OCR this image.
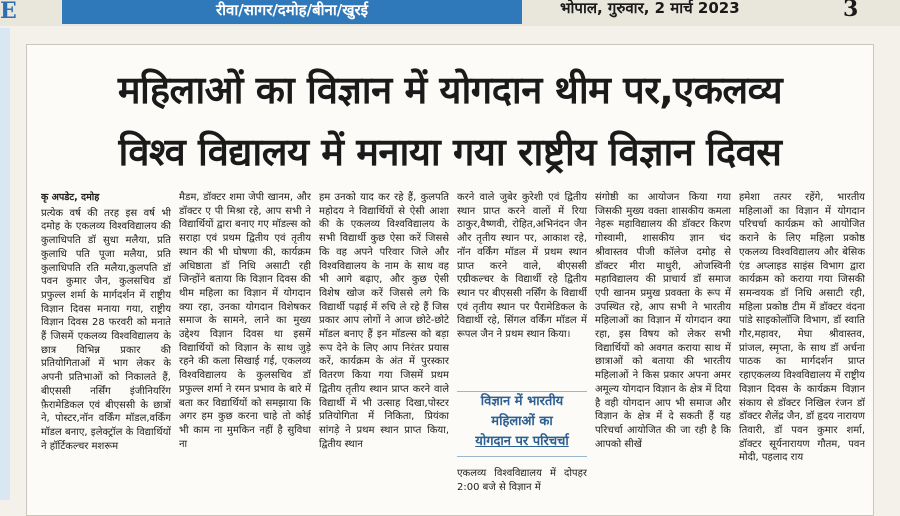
E	रीवा/सागर/दमोह/बीना/खुरई	भोपाल, गुरुवार, 2 मार्च 2023	3
महिलाओं का विज्ञान में योगदान थीम पर,एकलव्य
विश्व विद्यालय में मनाया गया राष्ट्रीय विज्ञान दिवस
कृ अपडेट, दमोह

प्रत्येक वर्ष की तरह इस वर्ष भी दमोह के एकलव्य विश्वविद्यालय की कुलाधिपति डॉ सुधा मलैया, प्रति कुलाधि पति पूजा मलैया, प्रति कुलाधिपति रति मलैया,कुलपति डॉ पवन कुमार जैन, कुलसचिव डॉ प्रफुल्ल शर्मा के मार्गदर्शन में राष्ट्रीय विज्ञान दिवस मनाया गया, राष्ट्रीय विज्ञान दिवस 28 फरवरी को मनाते हैं जिसमें एकलव्य विश्वविद्यालय के छात्र विभिन्न प्रकार की प्रतियोगिताओं में भाग लेकर के अपनी प्रतिभाओं को निकालते हैं, बीएससी नर्सिंग इंजीनियरिंग फ़ैरामेडिकल एवं बीएससी के छात्रों ने, पोस्टर,नॉन वर्किंग मॉडल,वर्किंग मॉडल बनाए, इलेक्ट्रॉल के विद्यार्थियों ने हॉर्टिकल्चर मशरूम

मैडम, डॉक्टर शमा जेपी खानम, और डॉक्टर ए पी मिश्रा रहे, आप सभी ने विद्यार्थियों द्वारा बनाए गए मॉडल्स को सराहा एवं प्रथम द्वितीय एवं तृतीय स्थान की भी घोषणा की, कार्यक्रम अधिष्ठाता डॉ निधि असाटी रही जिन्होंने बताया कि विज्ञान दिवस की थीम महिला का विज्ञान में योगदान क्या रहा, उनका योगदान विशेषकर समाज के सामने, लाने का मुख्य उद्देश्य विज्ञान दिवस था इसमें विद्यार्थियों को विज्ञान के साथ जुड़े रहने की कला सिखाई गई, एकलव्य विश्वविद्यालय के कुलसचिव डॉ प्रफुल्ल शर्मा ने रमन प्रभाव के बारे में बता कर विद्यार्थियों को समझाया कि अगर हम कुछ करना चाहे तो कोई भी काम ना मुमकिन नहीं है सुविधा ना

हम उनको याद कर रहे हैं, कुलपति महोदय ने विद्यार्थियों से ऐसी आशा की के एकलव्य विश्वविद्यालय के सभी विद्यार्थी कुछ ऐसा करें जिससे कि वह अपने परिवार जिले और विश्वविद्यालय के नाम के साथ वह भी आगे बढ़ाए, और कुछ ऐसी विशेष खोज करें जिससे लगे कि विद्यार्थी पढ़ाई में रुचि ले रहे हैं जिस प्रकार आप लोगों ने आज छोटे-छोटे मॉडल बनाए हैं इन मॉडल्स को बड़ा रूप देने के लिए आप निरंतर प्रयास करें, कार्यक्रम के अंत में पुरस्कार वितरण किया गया जिसमें प्रथम द्वितीय तृतीय स्थान प्राप्त करने वाले विद्यार्थी में भी उत्साह दिखा,पोस्टर प्रतियोगिता में निकिता, प्रियंका सांगड़े ने प्रथम स्थान प्राप्त किया, द्वितीय स्थान

करने वाले जुबेर कुरेशी एवं द्वितीय स्थान प्राप्त करने वालों में रिया ठाकुर,वैष्णवी, रोहित,अभिनंदन जैन और तृतीय स्थान पर, आकाश रहे, नॉन वर्किंग मॉडल में प्रथम स्थान प्राप्त करने वाले, बीएससी एग्रीकल्चर के विद्यार्थी रहे द्वितीय स्थान पर बीएससी नर्सिंग के विद्यार्थी एवं तृतीय स्थान पर पैरामेडिकल के विद्यार्थी रहे, सिंगल वर्किंग मॉडल में रूपल जैन ने प्रथम स्थान किया।

विज्ञान में भारतीय
महिलाओं का
योगदान पर परिचर्चा

एकलव्य विश्वविद्यालय में दोपहर 2:00 बजे से विज्ञान में

संगोष्ठी का आयोजन किया गया जिसकी मुख्य वक्ता शासकीय कमला नेहरू महाविद्यालय की डॉक्टर किरण गोस्वामी, शासकीय ज्ञान चंद श्रीवास्तव पीजी कॉलेज दमोह से डॉक्टर मीरा माधुरी, ओजस्विनी महाविद्यालय की प्राचार्य डॉ समाज एपी खानम प्रमुख प्रवक्ता के रूप में उपस्थित रहे, आप सभी ने भारतीय महिलाओं का विज्ञान में योगदान क्या रहा, इस विषय को लेकर सभी विद्यार्थियों को अवगत कराया साथ में छात्राओं को बताया की भारतीय महिलाओं ने किस प्रकार अपना अमर अमूल्य योगदान विज्ञान के क्षेत्र में दिया है वही योगदान आप भी समाज और विज्ञान के क्षेत्र में दे सकती हैं यह परिचर्चा आयोजित की जा रही है कि आपको सीखें

हमेशा तत्पर रहेंगे, भारतीय महिलाओं का विज्ञान में योगदान परिचर्चा कार्यक्रम को आयोजित कराने के लिए महिला प्रकोष्ठ एकलव्य विश्वविद्यालय और बेसिक एंड अप्लाइड साइंस विभाग द्वारा कार्यक्रम को कराया गया जिसकी समन्वयक डॉ निधि असाटी रही, महिला प्रकोष्ठ टीम में डॉक्टर वंदना पांडे साइकोलॉजि विभाग, डॉ स्वाति गौर,महावर, मेघा श्रीवास्तव, प्रांजल, स्मृप्ता, के साथ डॉ अर्चना पाठक का मार्गदर्शन प्राप्त रहाएकलव्य विश्वविद्यालय में राष्ट्रीय विज्ञान दिवस के कार्यक्रम विज्ञान संकाय से डॉक्टर निखिल रंजन डॉ डॉक्टर शैलेंद्र जैन, डॉ हृदय नारायण तिवारी, डॉ पवन कुमार शर्मा, डॉक्टर सूर्यनारायण गौतम, पवन मोदी, पहलाद राय
